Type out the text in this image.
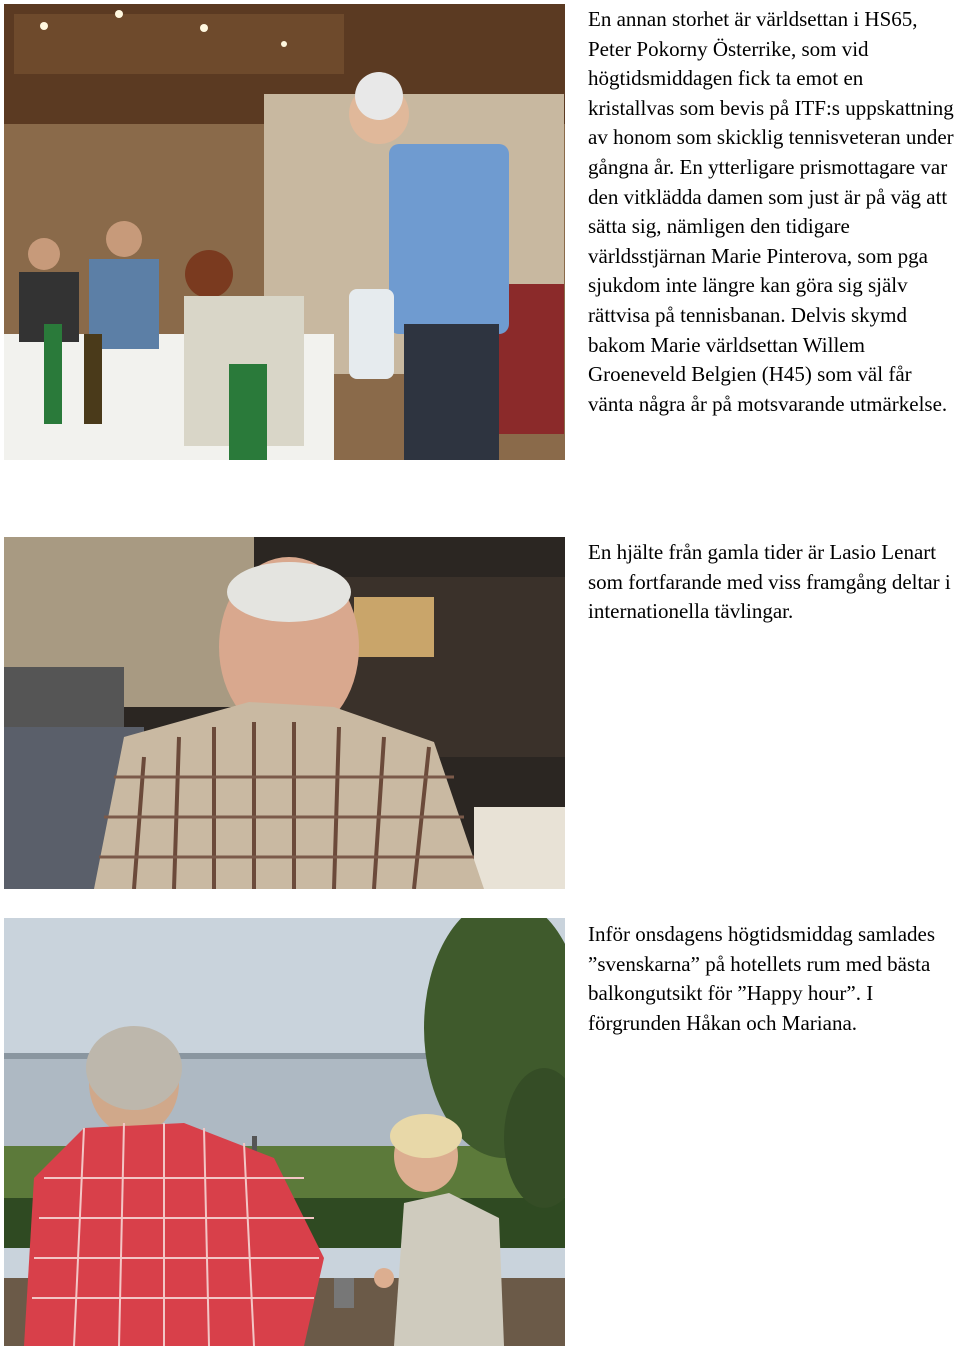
En annan storhet är världsettan i HS65, Peter Pokorny Österrike, som vid högtidsmiddagen fick ta emot en kristallvas som bevis på ITF:s uppskattning av honom som skicklig tennisveteran under gångna år. En ytterligare prismottagare var den vitklädda damen som just är på väg att sätta sig, nämligen den tidigare världsstjärnan Marie Pinterova, som pga sjukdom inte längre kan göra sig själv rättvisa på tennisbanan. Delvis skymd bakom Marie världsettan Willem Groeneveld Belgien (H45) som väl får vänta några år på motsvarande utmärkelse.

En hjälte från gamla tider är Lasio Lenart som fortfarande med viss framgång deltar i internationella tävlingar.

Inför onsdagens högtidsmiddag samlades ”svenskarna” på hotellets rum med bästa balkongutsikt för ”Happy hour”. I förgrunden Håkan och Mariana.
